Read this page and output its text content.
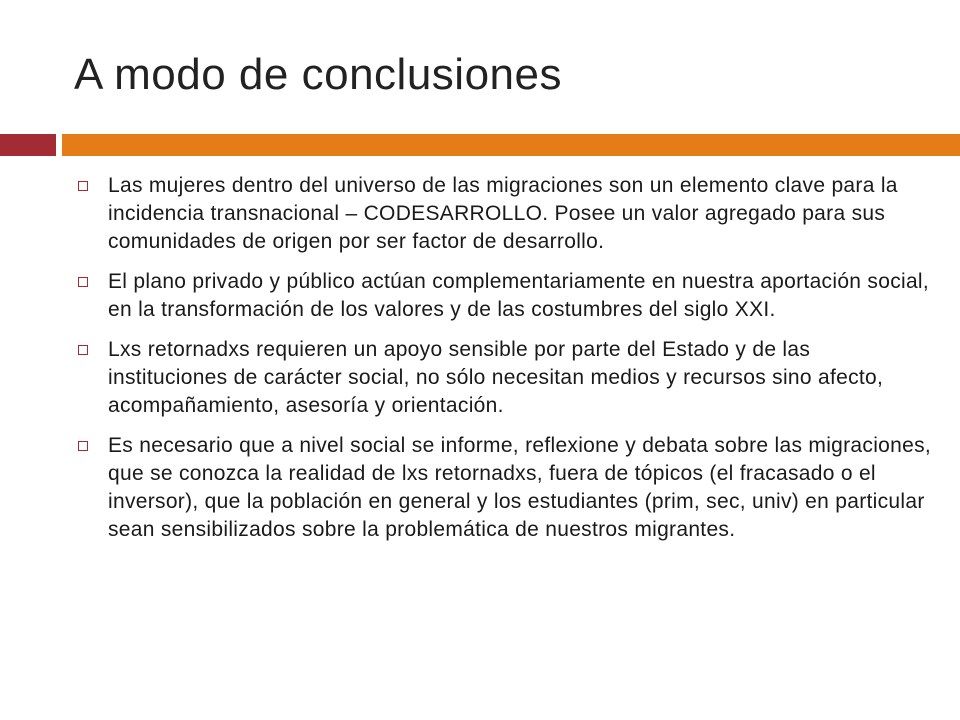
A modo de conclusiones
Las mujeres dentro del universo de las migraciones son un elemento clave para la incidencia transnacional – CODESARROLLO. Posee un valor agregado para sus comunidades de origen por ser factor de desarrollo.
El plano privado y público actúan complementariamente en nuestra aportación social, en la transformación de los valores y de las costumbres del siglo XXI.
Lxs retornadxs requieren un apoyo sensible por parte del Estado y de las instituciones de carácter social, no sólo necesitan medios y recursos sino afecto, acompañamiento, asesoría y orientación.
Es necesario que a nivel social se informe, reflexione y debata sobre las migraciones, que se conozca la realidad de lxs retornadxs, fuera de tópicos (el fracasado o el inversor), que la población en general y los estudiantes (prim, sec, univ) en particular sean sensibilizados sobre la problemática de nuestros migrantes.
